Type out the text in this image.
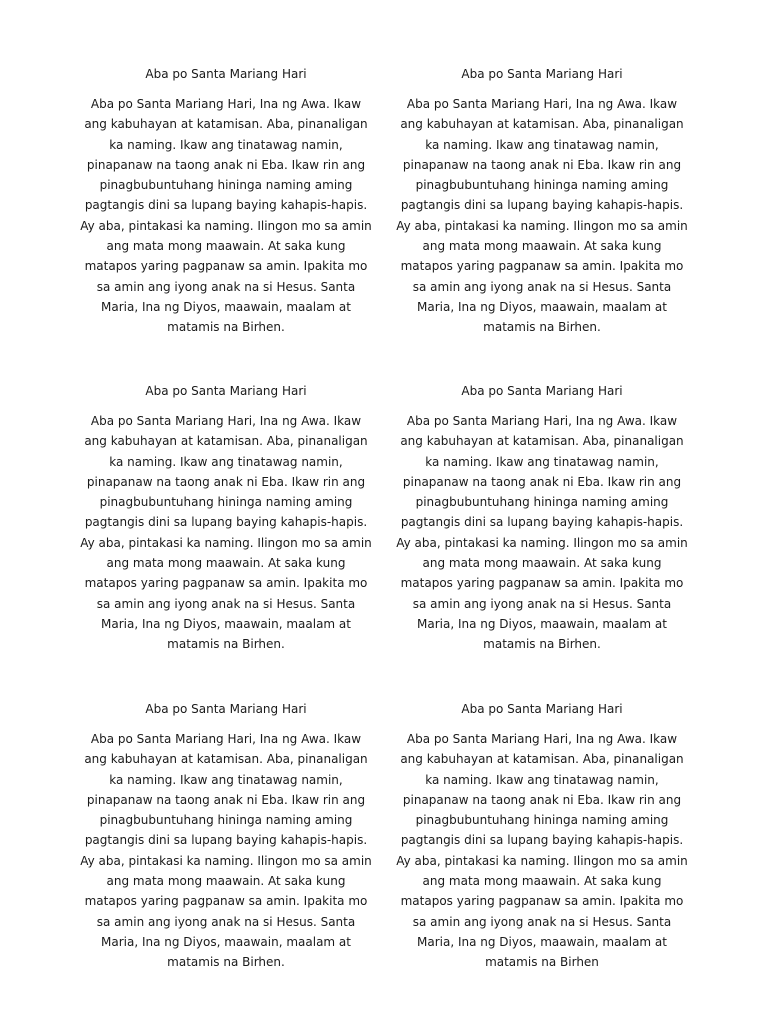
Aba po Santa Mariang Hari

Aba po Santa Mariang Hari, Ina ng Awa. Ikaw
ang kabuhayan at katamisan. Aba, pinanaligan
ka naming. Ikaw ang tinatawag namin,
pinapanaw na taong anak ni Eba. Ikaw rin ang
pinagbubuntuhang hininga naming aming
pagtangis dini sa lupang baying kahapis-hapis.
Ay aba, pintakasi ka naming. Ilingon mo sa amin
ang mata mong maawain. At saka kung
matapos yaring pagpanaw sa amin. Ipakita mo
sa amin ang iyong anak na si Hesus. Santa
Maria, Ina ng Diyos, maawain, maalam at
matamis na Birhen.

Aba po Santa Mariang Hari

Aba po Santa Mariang Hari, Ina ng Awa. Ikaw
ang kabuhayan at katamisan. Aba, pinanaligan
ka naming. Ikaw ang tinatawag namin,
pinapanaw na taong anak ni Eba. Ikaw rin ang
pinagbubuntuhang hininga naming aming
pagtangis dini sa lupang baying kahapis-hapis.
Ay aba, pintakasi ka naming. Ilingon mo sa amin
ang mata mong maawain. At saka kung
matapos yaring pagpanaw sa amin. Ipakita mo
sa amin ang iyong anak na si Hesus. Santa
Maria, Ina ng Diyos, maawain, maalam at
matamis na Birhen.

Aba po Santa Mariang Hari

Aba po Santa Mariang Hari, Ina ng Awa. Ikaw
ang kabuhayan at katamisan. Aba, pinanaligan
ka naming. Ikaw ang tinatawag namin,
pinapanaw na taong anak ni Eba. Ikaw rin ang
pinagbubuntuhang hininga naming aming
pagtangis dini sa lupang baying kahapis-hapis.
Ay aba, pintakasi ka naming. Ilingon mo sa amin
ang mata mong maawain. At saka kung
matapos yaring pagpanaw sa amin. Ipakita mo
sa amin ang iyong anak na si Hesus. Santa
Maria, Ina ng Diyos, maawain, maalam at
matamis na Birhen.

Aba po Santa Mariang Hari

Aba po Santa Mariang Hari, Ina ng Awa. Ikaw
ang kabuhayan at katamisan. Aba, pinanaligan
ka naming. Ikaw ang tinatawag namin,
pinapanaw na taong anak ni Eba. Ikaw rin ang
pinagbubuntuhang hininga naming aming
pagtangis dini sa lupang baying kahapis-hapis.
Ay aba, pintakasi ka naming. Ilingon mo sa amin
ang mata mong maawain. At saka kung
matapos yaring pagpanaw sa amin. Ipakita mo
sa amin ang iyong anak na si Hesus. Santa
Maria, Ina ng Diyos, maawain, maalam at
matamis na Birhen.

Aba po Santa Mariang Hari

Aba po Santa Mariang Hari, Ina ng Awa. Ikaw
ang kabuhayan at katamisan. Aba, pinanaligan
ka naming. Ikaw ang tinatawag namin,
pinapanaw na taong anak ni Eba. Ikaw rin ang
pinagbubuntuhang hininga naming aming
pagtangis dini sa lupang baying kahapis-hapis.
Ay aba, pintakasi ka naming. Ilingon mo sa amin
ang mata mong maawain. At saka kung
matapos yaring pagpanaw sa amin. Ipakita mo
sa amin ang iyong anak na si Hesus. Santa
Maria, Ina ng Diyos, maawain, maalam at
matamis na Birhen.

Aba po Santa Mariang Hari

Aba po Santa Mariang Hari, Ina ng Awa. Ikaw
ang kabuhayan at katamisan. Aba, pinanaligan
ka naming. Ikaw ang tinatawag namin,
pinapanaw na taong anak ni Eba. Ikaw rin ang
pinagbubuntuhang hininga naming aming
pagtangis dini sa lupang baying kahapis-hapis.
Ay aba, pintakasi ka naming. Ilingon mo sa amin
ang mata mong maawain. At saka kung
matapos yaring pagpanaw sa amin. Ipakita mo
sa amin ang iyong anak na si Hesus. Santa
Maria, Ina ng Diyos, maawain, maalam at
matamis na Birhen
